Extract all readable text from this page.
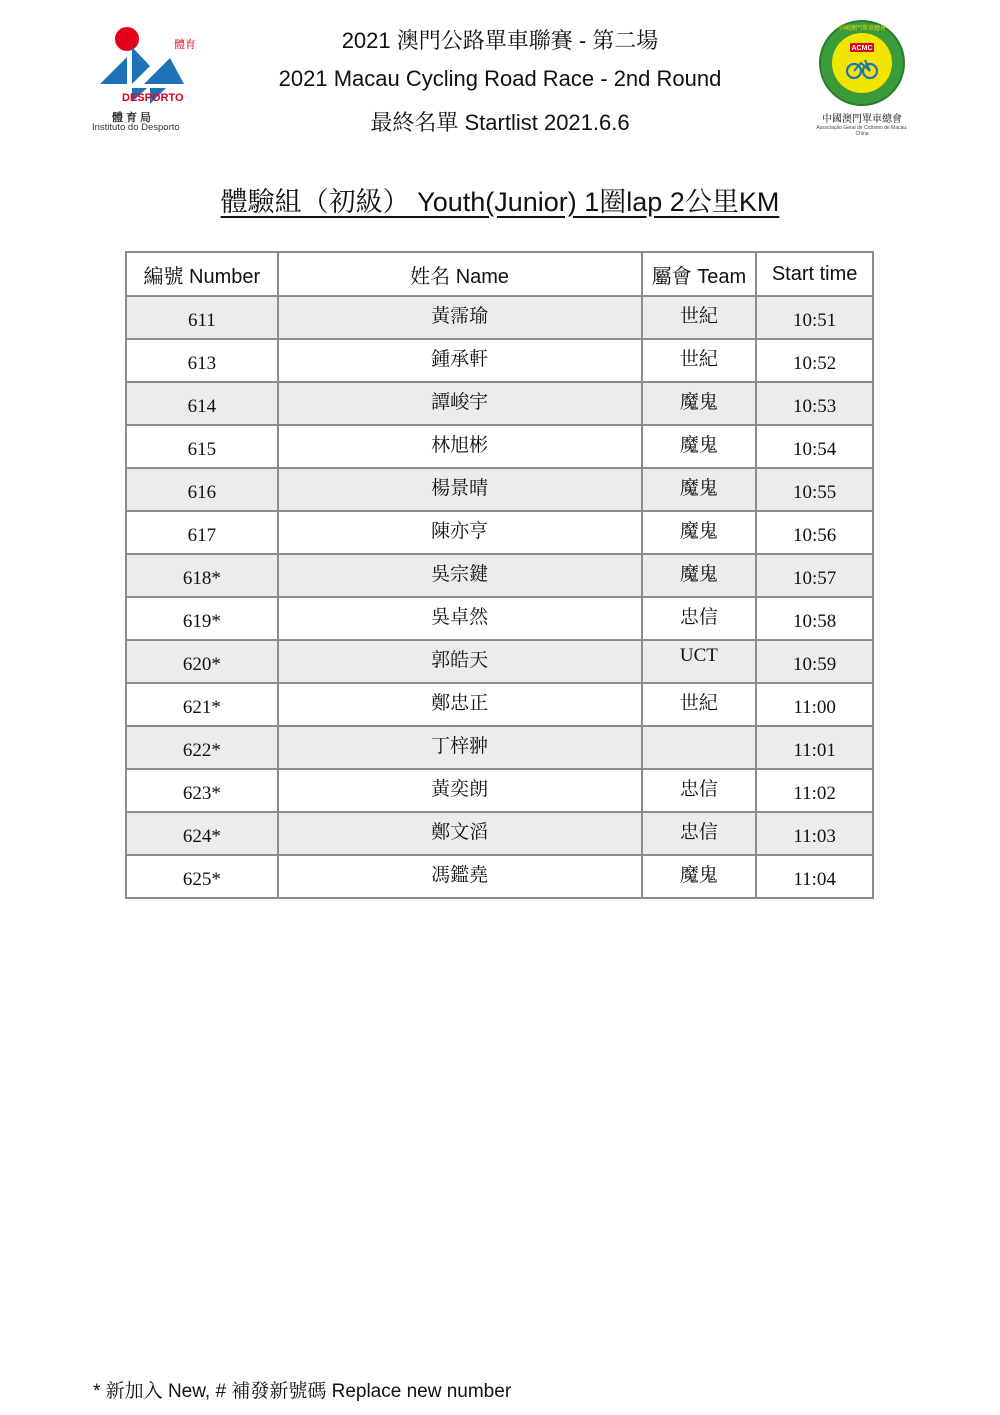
體育
DESPORTO
體育局
Instituto do Desporto
2021 澳門公路單車聯賽 - 第二場
2021 Macau Cycling Road Race - 2nd Round
最終名單 Startlist 2021.6.6
中國澳門單車總會
ACMC
中國澳門單車總會
Associação Geral de Ciclismo de Macau, China
體驗組（初級） Youth(Junior) 1圈lap 2公里KM
編號 Number	姓名 Name	屬會 Team	Start time
611	黃霈瑜	世紀	10:51
613	鍾承軒	世紀	10:52
614	譚峻宇	魔鬼	10:53
615	林旭彬	魔鬼	10:54
616	楊景晴	魔鬼	10:55
617	陳亦亨	魔鬼	10:56
618*	吳宗鍵	魔鬼	10:57
619*	吳卓然	忠信	10:58
620*	郭皓天	UCT	10:59
621*	鄭忠正	世紀	11:00
622*	丁梓翀		11:01
623*	黃奕朗	忠信	11:02
624*	鄭文滔	忠信	11:03
625*	馮鑑堯	魔鬼	11:04
* 新加入 New, # 補發新號碼 Replace new number
